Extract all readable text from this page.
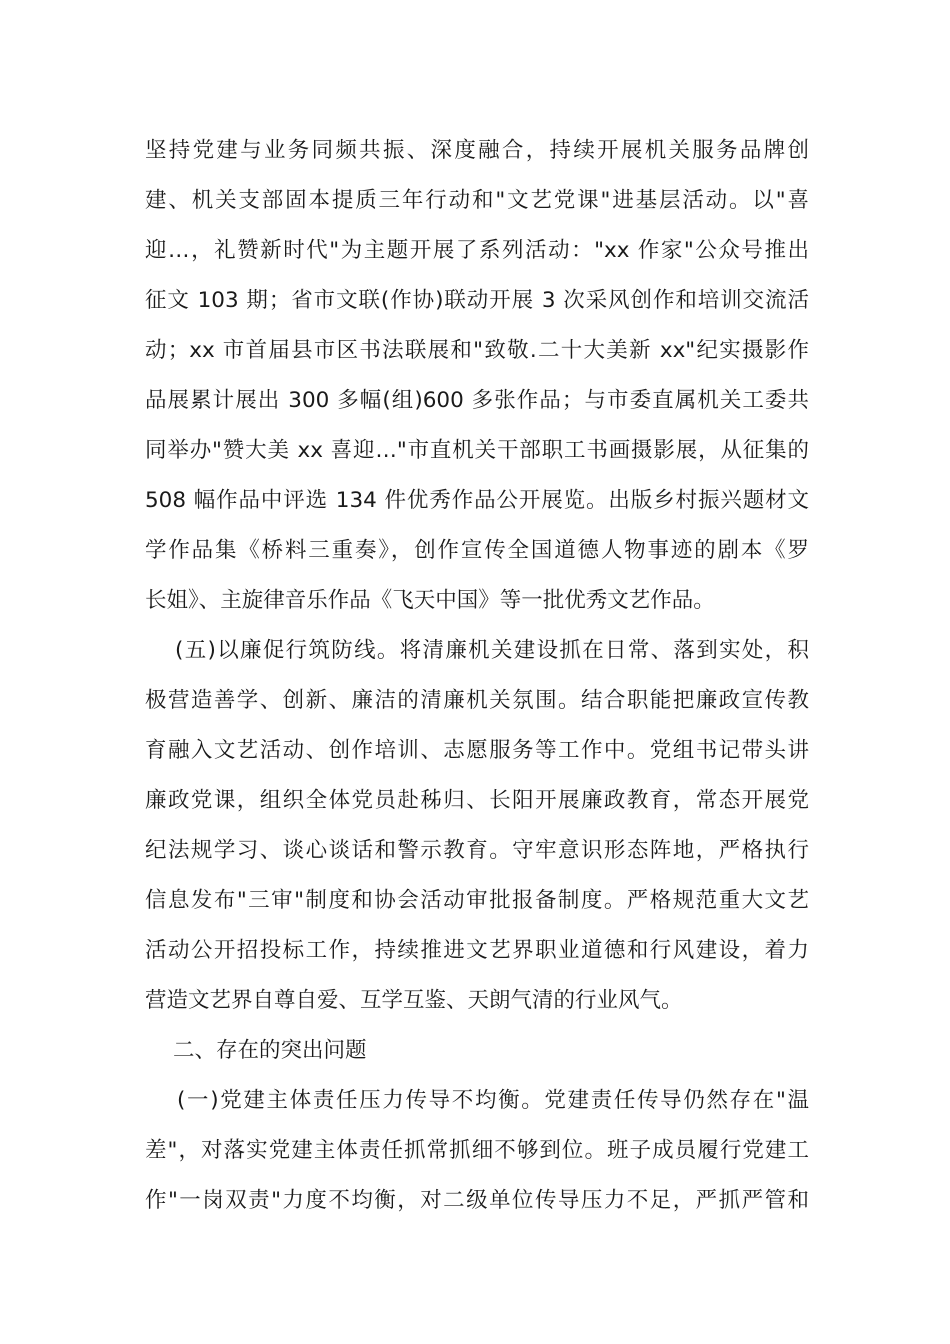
坚持党建与业务同频共振、深度融合，持续开展机关服务品牌创
建、机关支部固本提质三年行动和"文艺党课"进基层活动。以"喜
迎…，礼赞新时代"为主题开展了系列活动："xx 作家"公众号推出
征文 103 期；省市文联(作协)联动开展 3 次采风创作和培训交流活
动；xx 市首届县市区书法联展和"致敬.二十大美新 xx"纪实摄影作
品展累计展出 300 多幅(组)600 多张作品；与市委直属机关工委共
同举办"赞大美 xx 喜迎…"市直机关干部职工书画摄影展，从征集的
508 幅作品中评选 134 件优秀作品公开展览。出版乡村振兴题材文
学作品集《桥料三重奏》，创作宣传全国道德人物事迹的剧本《罗
长姐》、主旋律音乐作品《飞天中国》等一批优秀文艺作品。
(五)以廉促行筑防线。将清廉机关建设抓在日常、落到实处，积
极营造善学、创新、廉洁的清廉机关氛围。结合职能把廉政宣传教
育融入文艺活动、创作培训、志愿服务等工作中。党组书记带头讲
廉政党课，组织全体党员赴秭归、长阳开展廉政教育，常态开展党
纪法规学习、谈心谈话和警示教育。守牢意识形态阵地，严格执行
信息发布"三审"制度和协会活动审批报备制度。严格规范重大文艺
活动公开招投标工作，持续推进文艺界职业道德和行风建设，着力
营造文艺界自尊自爱、互学互鉴、天朗气清的行业风气。
二、存在的突出问题
(一)党建主体责任压力传导不均衡。党建责任传导仍然存在"温
差"，对落实党建主体责任抓常抓细不够到位。班子成员履行党建工
作"一岗双责"力度不均衡，对二级单位传导压力不足，严抓严管和
